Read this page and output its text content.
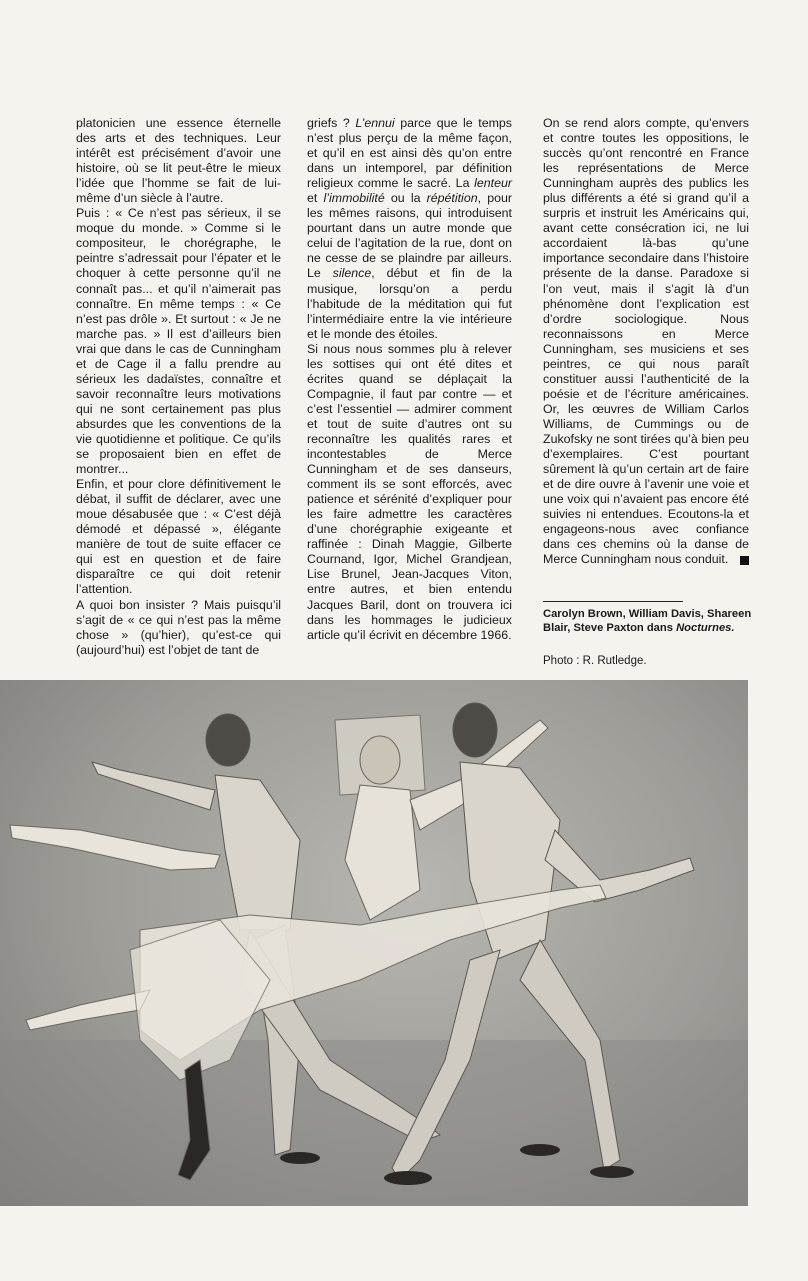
platonicien une essence éternelle des arts et des techniques. Leur intérêt est précisément d’avoir une histoire, où se lit peut-être le mieux l’idée que l’homme se fait de lui-même d’un siècle à l’autre.

Puis : « Ce n’est pas sérieux, il se moque du monde. » Comme si le compositeur, le chorégraphe, le peintre s’adressait pour l’épater et le choquer à cette personne qu’il ne connaît pas... et qu’il n’aimerait pas connaître. En même temps : « Ce n’est pas drôle ». Et surtout : « Je ne marche pas. » Il est d’ailleurs bien vrai que dans le cas de Cunningham et de Cage il a fallu prendre au sérieux les dadaïstes, connaître et savoir reconnaître leurs motivations qui ne sont certainement pas plus absurdes que les conventions de la vie quotidienne et politique. Ce qu’ils se proposaient bien en effet de montrer...

Enfin, et pour clore définitivement le débat, il suffit de déclarer, avec une moue désabusée que : « C’est déjà démodé et dépassé », élégante manière de tout de suite effacer ce qui est en question et de faire disparaître ce qui doit retenir l’attention.

A quoi bon insister ? Mais puisqu’il s’agit de « ce qui n’est pas la même chose » (qu’hier), qu’est-ce qui (aujourd’hui) est l’objet de tant de

griefs ? L’ennui parce que le temps n’est plus perçu de la même façon, et qu’il en est ainsi dès qu’on entre dans un intemporel, par définition religieux comme le sacré. La lenteur et l’immobilité ou la répétition, pour les mêmes raisons, qui introduisent pourtant dans un autre monde que celui de l’agitation de la rue, dont on ne cesse de se plaindre par ailleurs. Le silence, début et fin de la musique, lorsqu’on a perdu l’habitude de la méditation qui fut l’intermédiaire entre la vie intérieure et le monde des étoiles.

Si nous nous sommes plu à relever les sottises qui ont été dites et écrites quand se déplaçait la Compagnie, il faut par contre — et c’est l’essentiel — admirer comment et tout de suite d’autres ont su reconnaître les qualités rares et incontestables de Merce Cunningham et de ses danseurs, comment ils se sont efforcés, avec patience et sérénité d’expliquer pour les faire admettre les caractères d’une chorégraphie exigeante et raffinée : Dinah Maggie, Gilberte Cournand, Igor, Michel Grandjean, Lise Brunel, Jean-Jacques Viton, entre autres, et bien entendu Jacques Baril, dont on trouvera ici dans les hommages le judicieux article qu’il écrivit en décembre 1966.

On se rend alors compte, qu’envers et contre toutes les oppositions, le succès qu’ont rencontré en France les représentations de Merce Cunningham auprès des publics les plus différents a été si grand qu’il a surpris et instruit les Américains qui, avant cette consécration ici, ne lui accordaient là-bas qu’une importance secondaire dans l’histoire présente de la danse. Paradoxe si l’on veut, mais il s’agit là d’un phénomène dont l’explication est d’ordre sociologique. Nous reconnaissons en Merce Cunningham, ses musiciens et ses peintres, ce qui nous paraît constituer aussi l’authenticité de la poésie et de l’écriture américaines. Or, les œuvres de William Carlos Williams, de Cummings ou de Zukofsky ne sont tirées qu’à bien peu d’exemplaires. C’est pourtant sûrement là qu’un certain art de faire et de dire ouvre à l’avenir une voie et une voix qui n’avaient pas encore été suivies ni entendues. Ecoutons-la et engageons-nous avec confiance dans ces chemins où la danse de Merce Cunningham nous conduit.

Carolyn Brown, William Davis, Shareen Blair, Steve Paxton dans Nocturnes.
Photo : R. Rutledge.
